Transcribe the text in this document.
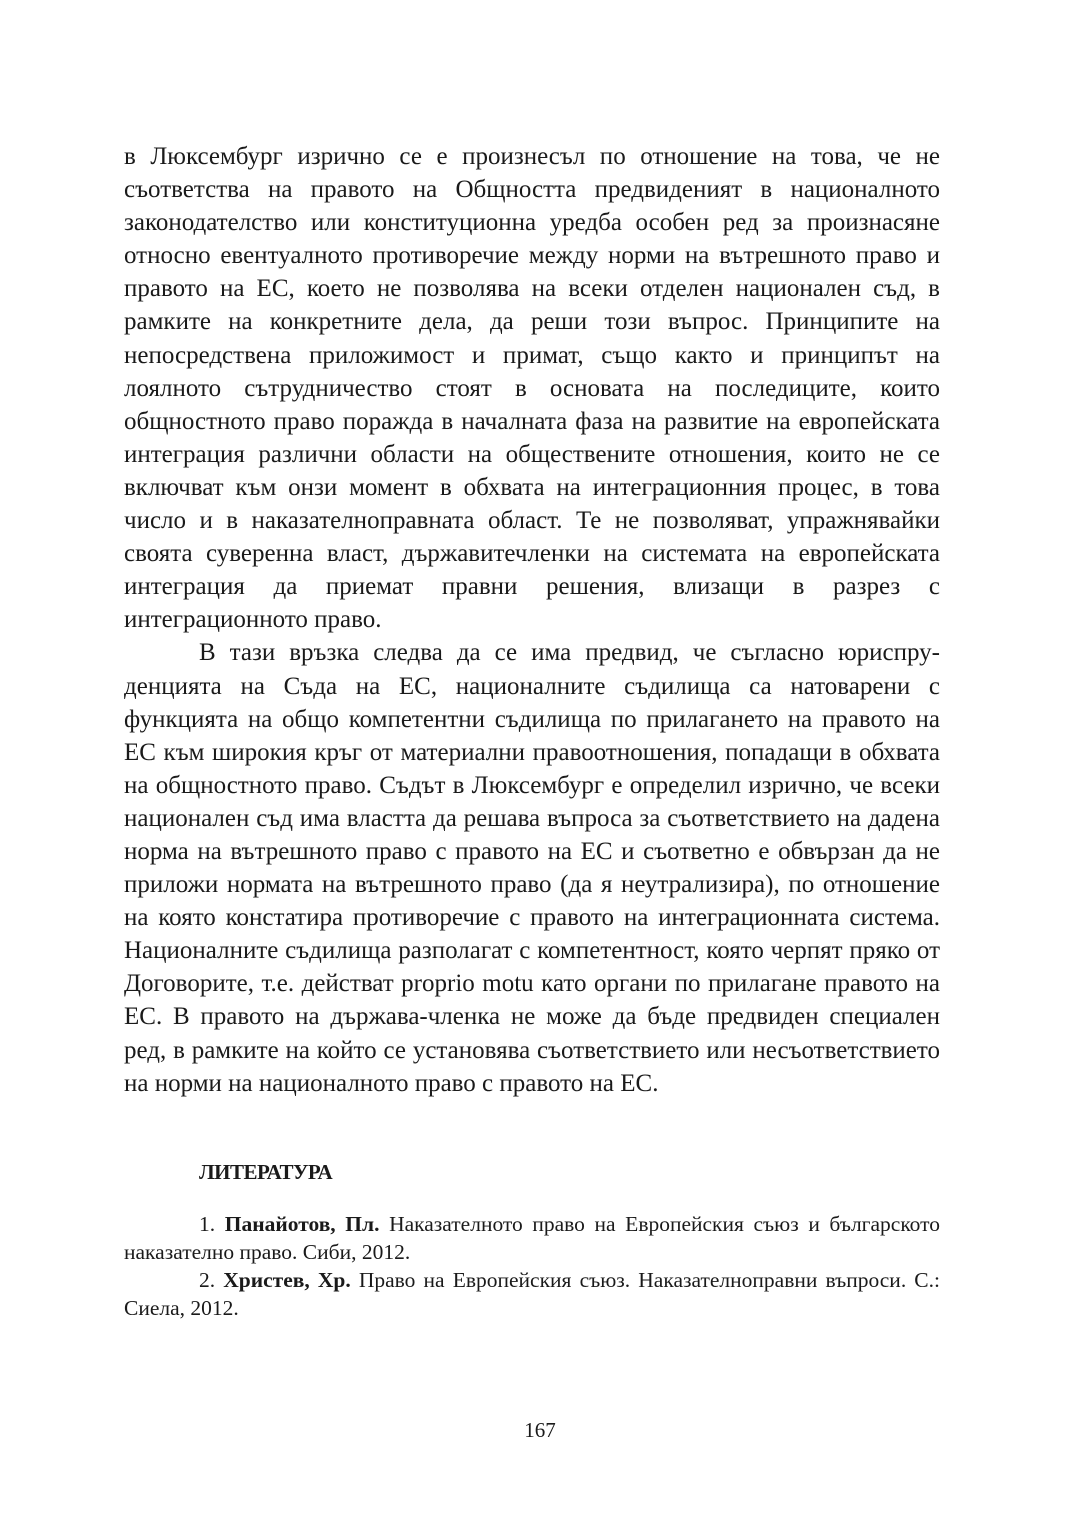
в Люксембург изрично се е произнесъл по отношение на това, че не съответства на правото на Общността предвиденият в националното законодателство или конституционна уредба особен ред за произнасяне относно евентуалното противоречие между норми на вътрешното право и правото на ЕС, което не позволява на всеки отделен национален съд, в рамките на конкретните дела, да реши този въпрос. Принципите на непосредствена приложимост и примат, също както и принципът на лоялното сътрудничество стоят в основата на последиците, които общностното право поражда в началната фаза на развитие на европейската интеграция различни области на обществените отношения, които не се включват към онзи момент в обхвата на интеграционния процес, в това число и в наказателноправната област. Те не позволяват, упражнявайки своята суверенна власт, държавитечленки на системата на европейската интеграция да приемат правни решения, влизащи в разрез с интеграционното право.

В тази връзка следва да се има предвид, че съгласно юриспруденцията на Съда на ЕС, националните съдилища са натоварени с функцията на общо компетентни съдилища по прилагането на правото на ЕС към широкия кръг от материални правоотношения, попадащи в обхвата на общностното право. Съдът в Люксембург е определил изрично, че всеки национален съд има властта да решава въпроса за съответствието на дадена норма на вътрешното право с правото на ЕС и съответно е обвързан да не приложи нормата на вътрешното право (да я неутрализира), по отношение на която констатира противоречие с правото на интеграционната система. Националните съдилища разполагат с компетентност, която черпят пряко от Договорите, т.е. действат proprio motu като органи по прилагане правото на ЕС. В правото на държава-членка не може да бъде предвиден специален ред, в рамките на който се установява съответствието или несъответствието на норми на националното право с правото на ЕС.

ЛИТЕРАТУРА

1. Панайотов, Пл. Наказателното право на Европейския съюз и българското наказателно право. Сиби, 2012.

2. Христев, Хр. Право на Европейския съюз. Наказателноправни въпроси. С.: Сиела, 2012.

167
